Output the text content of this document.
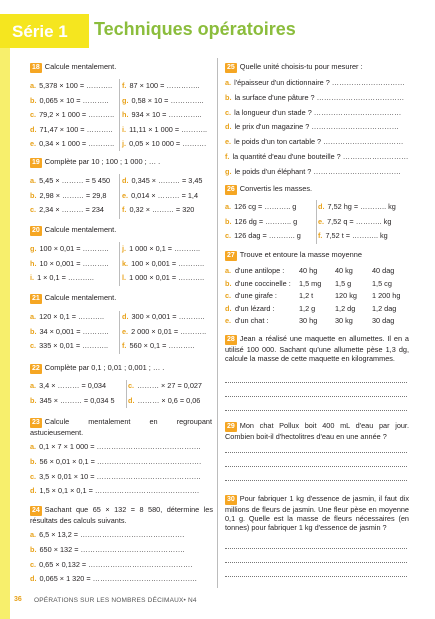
Série 1 Techniques opératoires
18 Calcule mentalement.
19 Complète par 10 ; 100 ; 1 000 ; … .
20 Calcule mentalement.
21 Calcule mentalement.
22 Complète par 0,1 ; 0,01 ; 0,001 ; … .
23 Calcule mentalement en regroupant astucieusement.
24 Sachant que 65 × 132 = 8 580, détermine les résultats des calculs suivants.
25 Quelle unité choisis-tu pour mesurer :
26 Convertis les masses.
27 Trouve et entoure la masse moyenne
28 Jean a réalisé une maquette en allumettes. Il en a utilisé 100 000. Sachant qu'une allumette pèse 1,3 dg, calcule la masse de cette maquette en kilogrammes.
29 Mon chat Pollux boit 400 mL d'eau par jour. Combien boit-il d'hectolitres d'eau en une année ?
30 Pour fabriquer 1 kg d'essence de jasmin, il faut dix millions de fleurs de jasmin. Une fleur pèse en moyenne 0,1 g. Quelle est la masse de fleurs nécessaires (en tonnes) pour fabriquer 1 kg d'essence de jasmin ?
36 OPÉRATIONS SUR LES NOMBRES DÉCIMAUX• N4
a. 5,378 × 100 = ………..
b. 0,065 × 10 = ………..
c. 79,2 × 1 000 = ………..
d. 71,47 × 100 = ………..
e. 0,34 × 1 000 = ………..
f. 87 × 100 = …………..
g. 0,58 × 10 = …………..
h. 934 × 10 = …………..
i. 11,11 × 1 000 = ………..
j. 0,05 × 10 000 = ……….
a. 5,45 × ……… = 5 450
b. 2,98 × ……… = 29,8
c. 2,34 × ……… = 234
d. 0,345 × ……… = 3,45
e. 0,014 × ……… = 1,4
f. 0,32 × ……… = 320
g. 100 × 0,01 = ………..
h. 10 × 0,001 = ………..
i. 1 × 0,1 = ………..
j. 1 000 × 0,1 = ………..
k. 100 × 0,001 = ………..
l. 1 000 × 0,01 = ………..
a. 120 × 0,1 = ………..
b. 34 × 0,001 = ………..
c. 335 × 0,01 = ………..
d. 300 × 0,001 = ………..
e. 2 000 × 0,01 = ………..
f. 560 × 0,1 = ………..
a. 3,4 × ……… = 0,034
b. 345 × ……… = 0,034 5
c. ……… × 27 = 0,027
d. ……… × 0,6 = 0,06
a. 0,1 × 7 × 1 000 = …………………………………….
b. 56 × 0,01 × 0,1 = …………………………………….
c. 3,5 × 0,01 × 10 = …………………………………….
d. 1,5 × 0,1 × 0,1 = …………………………………….
a. 6,5 × 13,2 = …………………………………….
b. 650 × 132 = …………………………………….
c. 0,65 × 0,132 = …………………………………….
d. 0,065 × 1 320 = …………………………………….
a. l'épaisseur d'un dictionnaire ? …………………………
b. la surface d'une pâture ? ………………………………
c. la longueur d'un stade ? ………………………………
d. le prix d'un magazine ? ………………………………
e. le poids d'un ton cartable ? ……………………………
f. la quantité d'eau d'une bouteille ? ………………………
g. le poids d'un éléphant ? ………………………………
a. 126 cg = ……….. g
b. 126 dg = ……….. g
c. 126 dag = ……….. g
d. 7,52 hg = ……….. kg
e. 7,52 q = ……….. kg
f. 7,52 t = ……….. kg
a. d'une antilope : 40 hg 40 kg	40 dag
b. d'une coccinelle : 1,5 mg 1,5 g	1,5 cg
c. d'une girafe :	1,2 t	120 kg 1 200 hg
d. d'un lézard :	1,2 g	1,2 dg 1,2 dag
e. d'un chat :	30 hg 30 kg	30 dag
